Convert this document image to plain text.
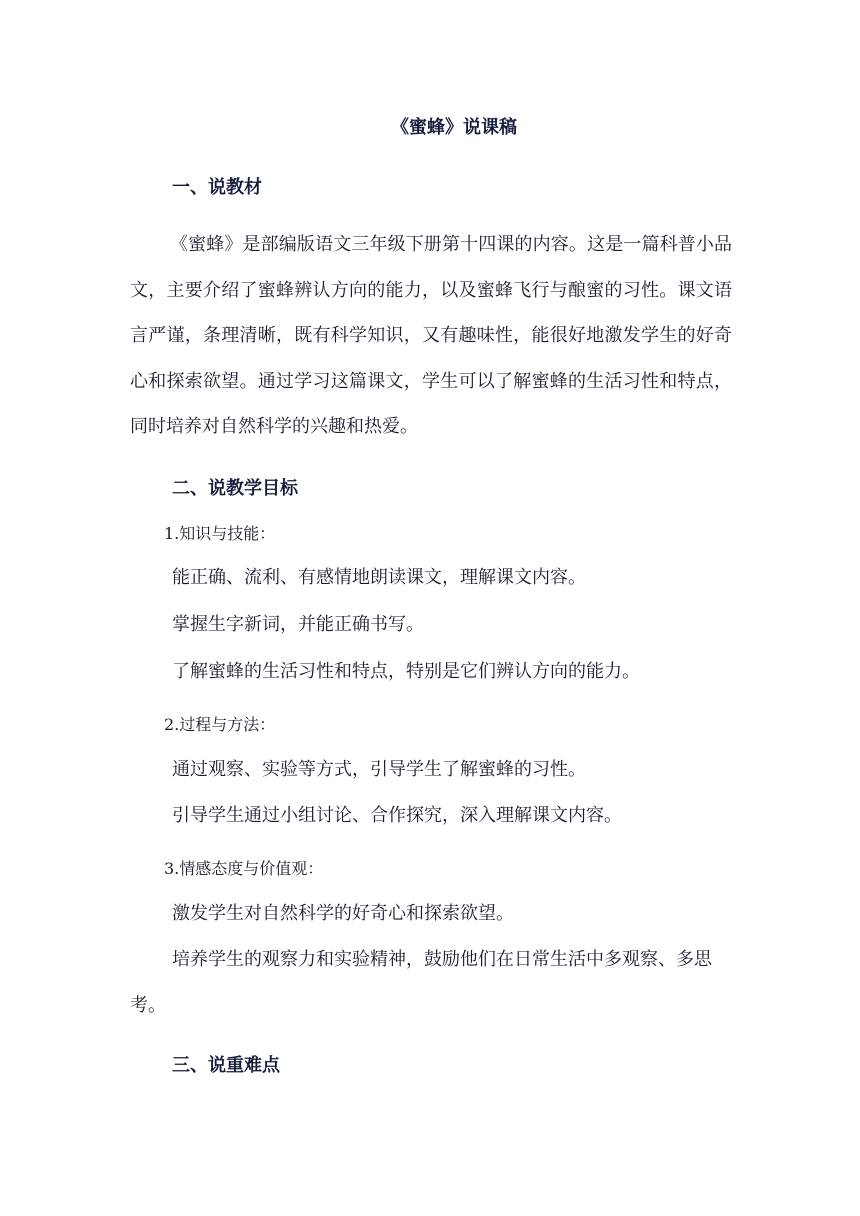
《蜜蜂》说课稿
一、说教材
《蜜蜂》是部编版语文三年级下册第十四课的内容。这是一篇科普小品文，主要介绍了蜜蜂辨认方向的能力，以及蜜蜂飞行与酿蜜的习性。课文语言严谨，条理清晰，既有科学知识，又有趣味性，能很好地激发学生的好奇心和探索欲望。通过学习这篇课文，学生可以了解蜜蜂的生活习性和特点，同时培养对自然科学的兴趣和热爱。
二、说教学目标
1.知识与技能：
能正确、流利、有感情地朗读课文，理解课文内容。
掌握生字新词，并能正确书写。
了解蜜蜂的生活习性和特点，特别是它们辨认方向的能力。
2.过程与方法：
通过观察、实验等方式，引导学生了解蜜蜂的习性。
引导学生通过小组讨论、合作探究，深入理解课文内容。
3.情感态度与价值观：
激发学生对自然科学的好奇心和探索欲望。
培养学生的观察力和实验精神，鼓励他们在日常生活中多观察、多思考。
三、说重难点
